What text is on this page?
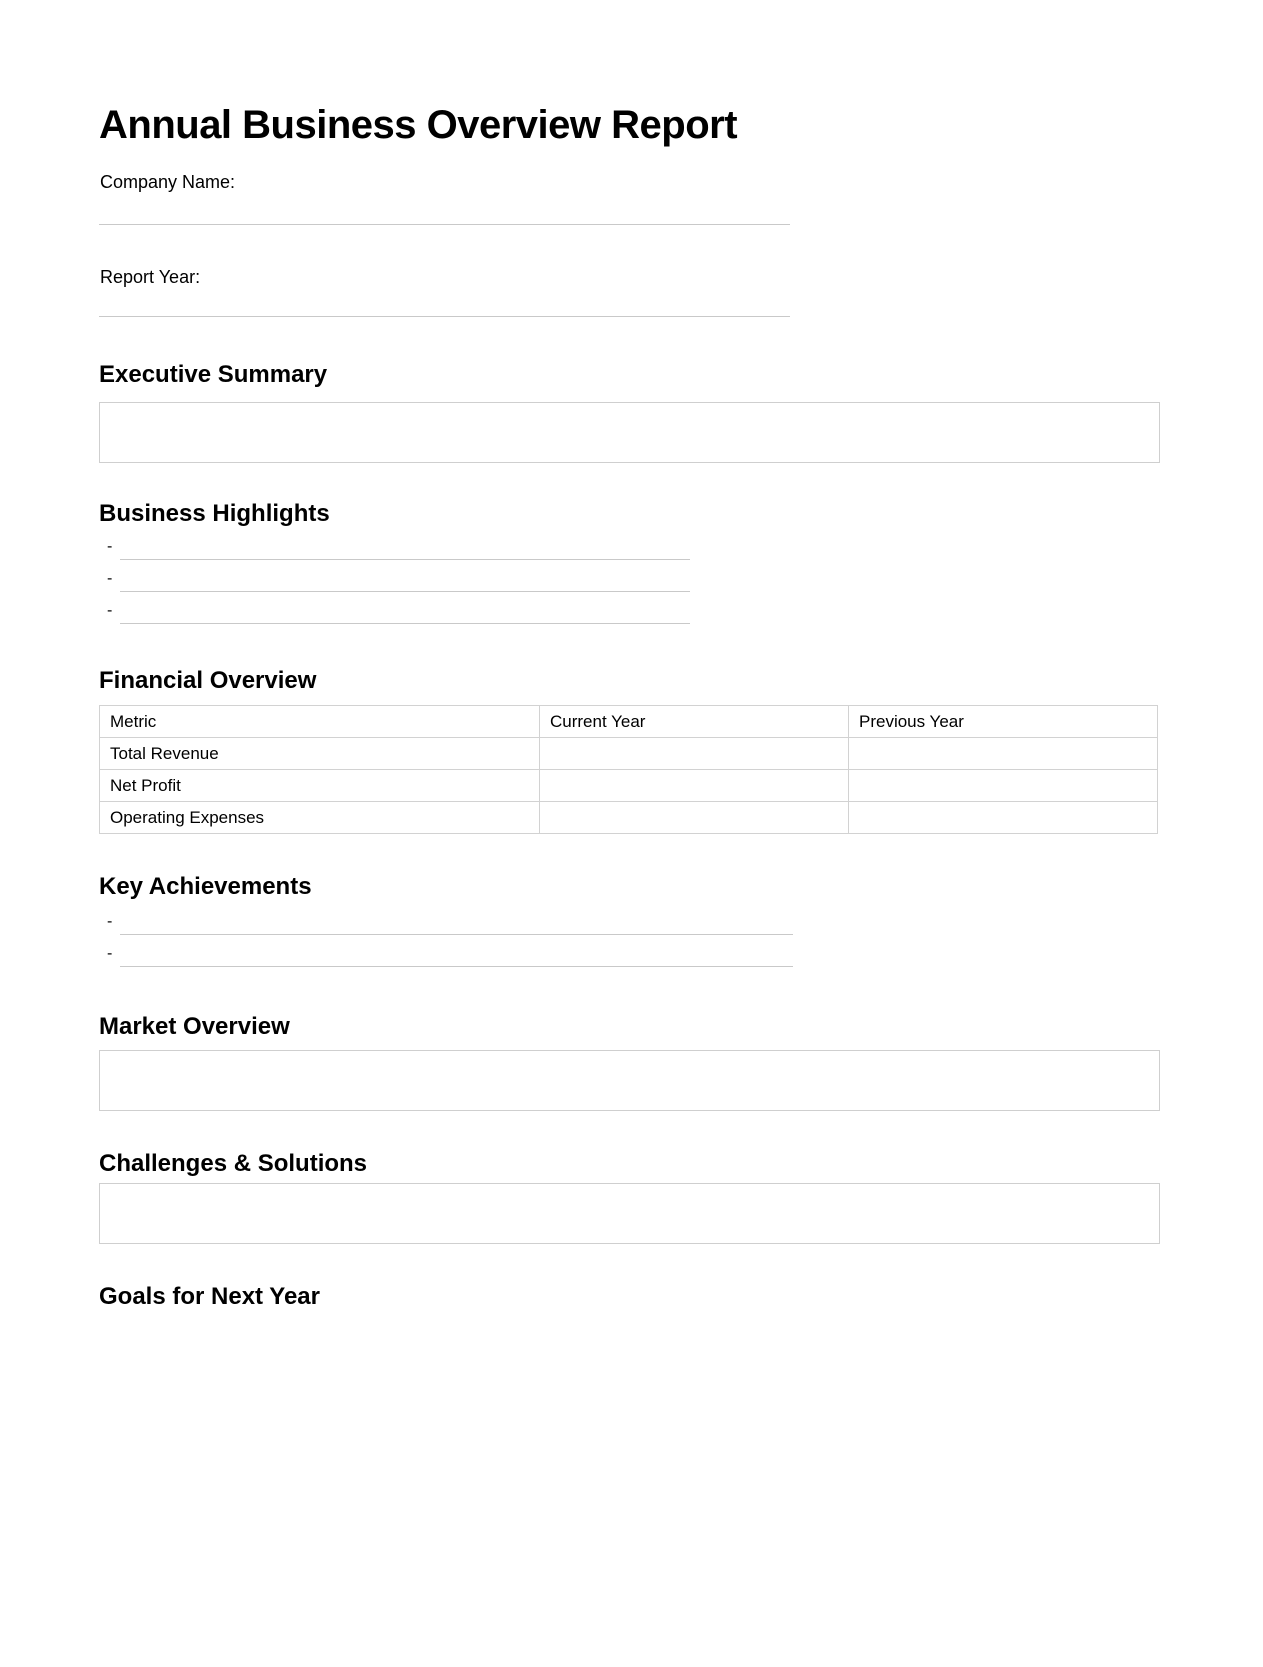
Annual Business Overview Report
Company Name:
Report Year:
Executive Summary
Business Highlights
-
-
-
Financial Overview
Metric	Current Year	Previous Year
Total Revenue		
Net Profit		
Operating Expenses		
Key Achievements
-
-
Market Overview
Challenges & Solutions
Goals for Next Year
